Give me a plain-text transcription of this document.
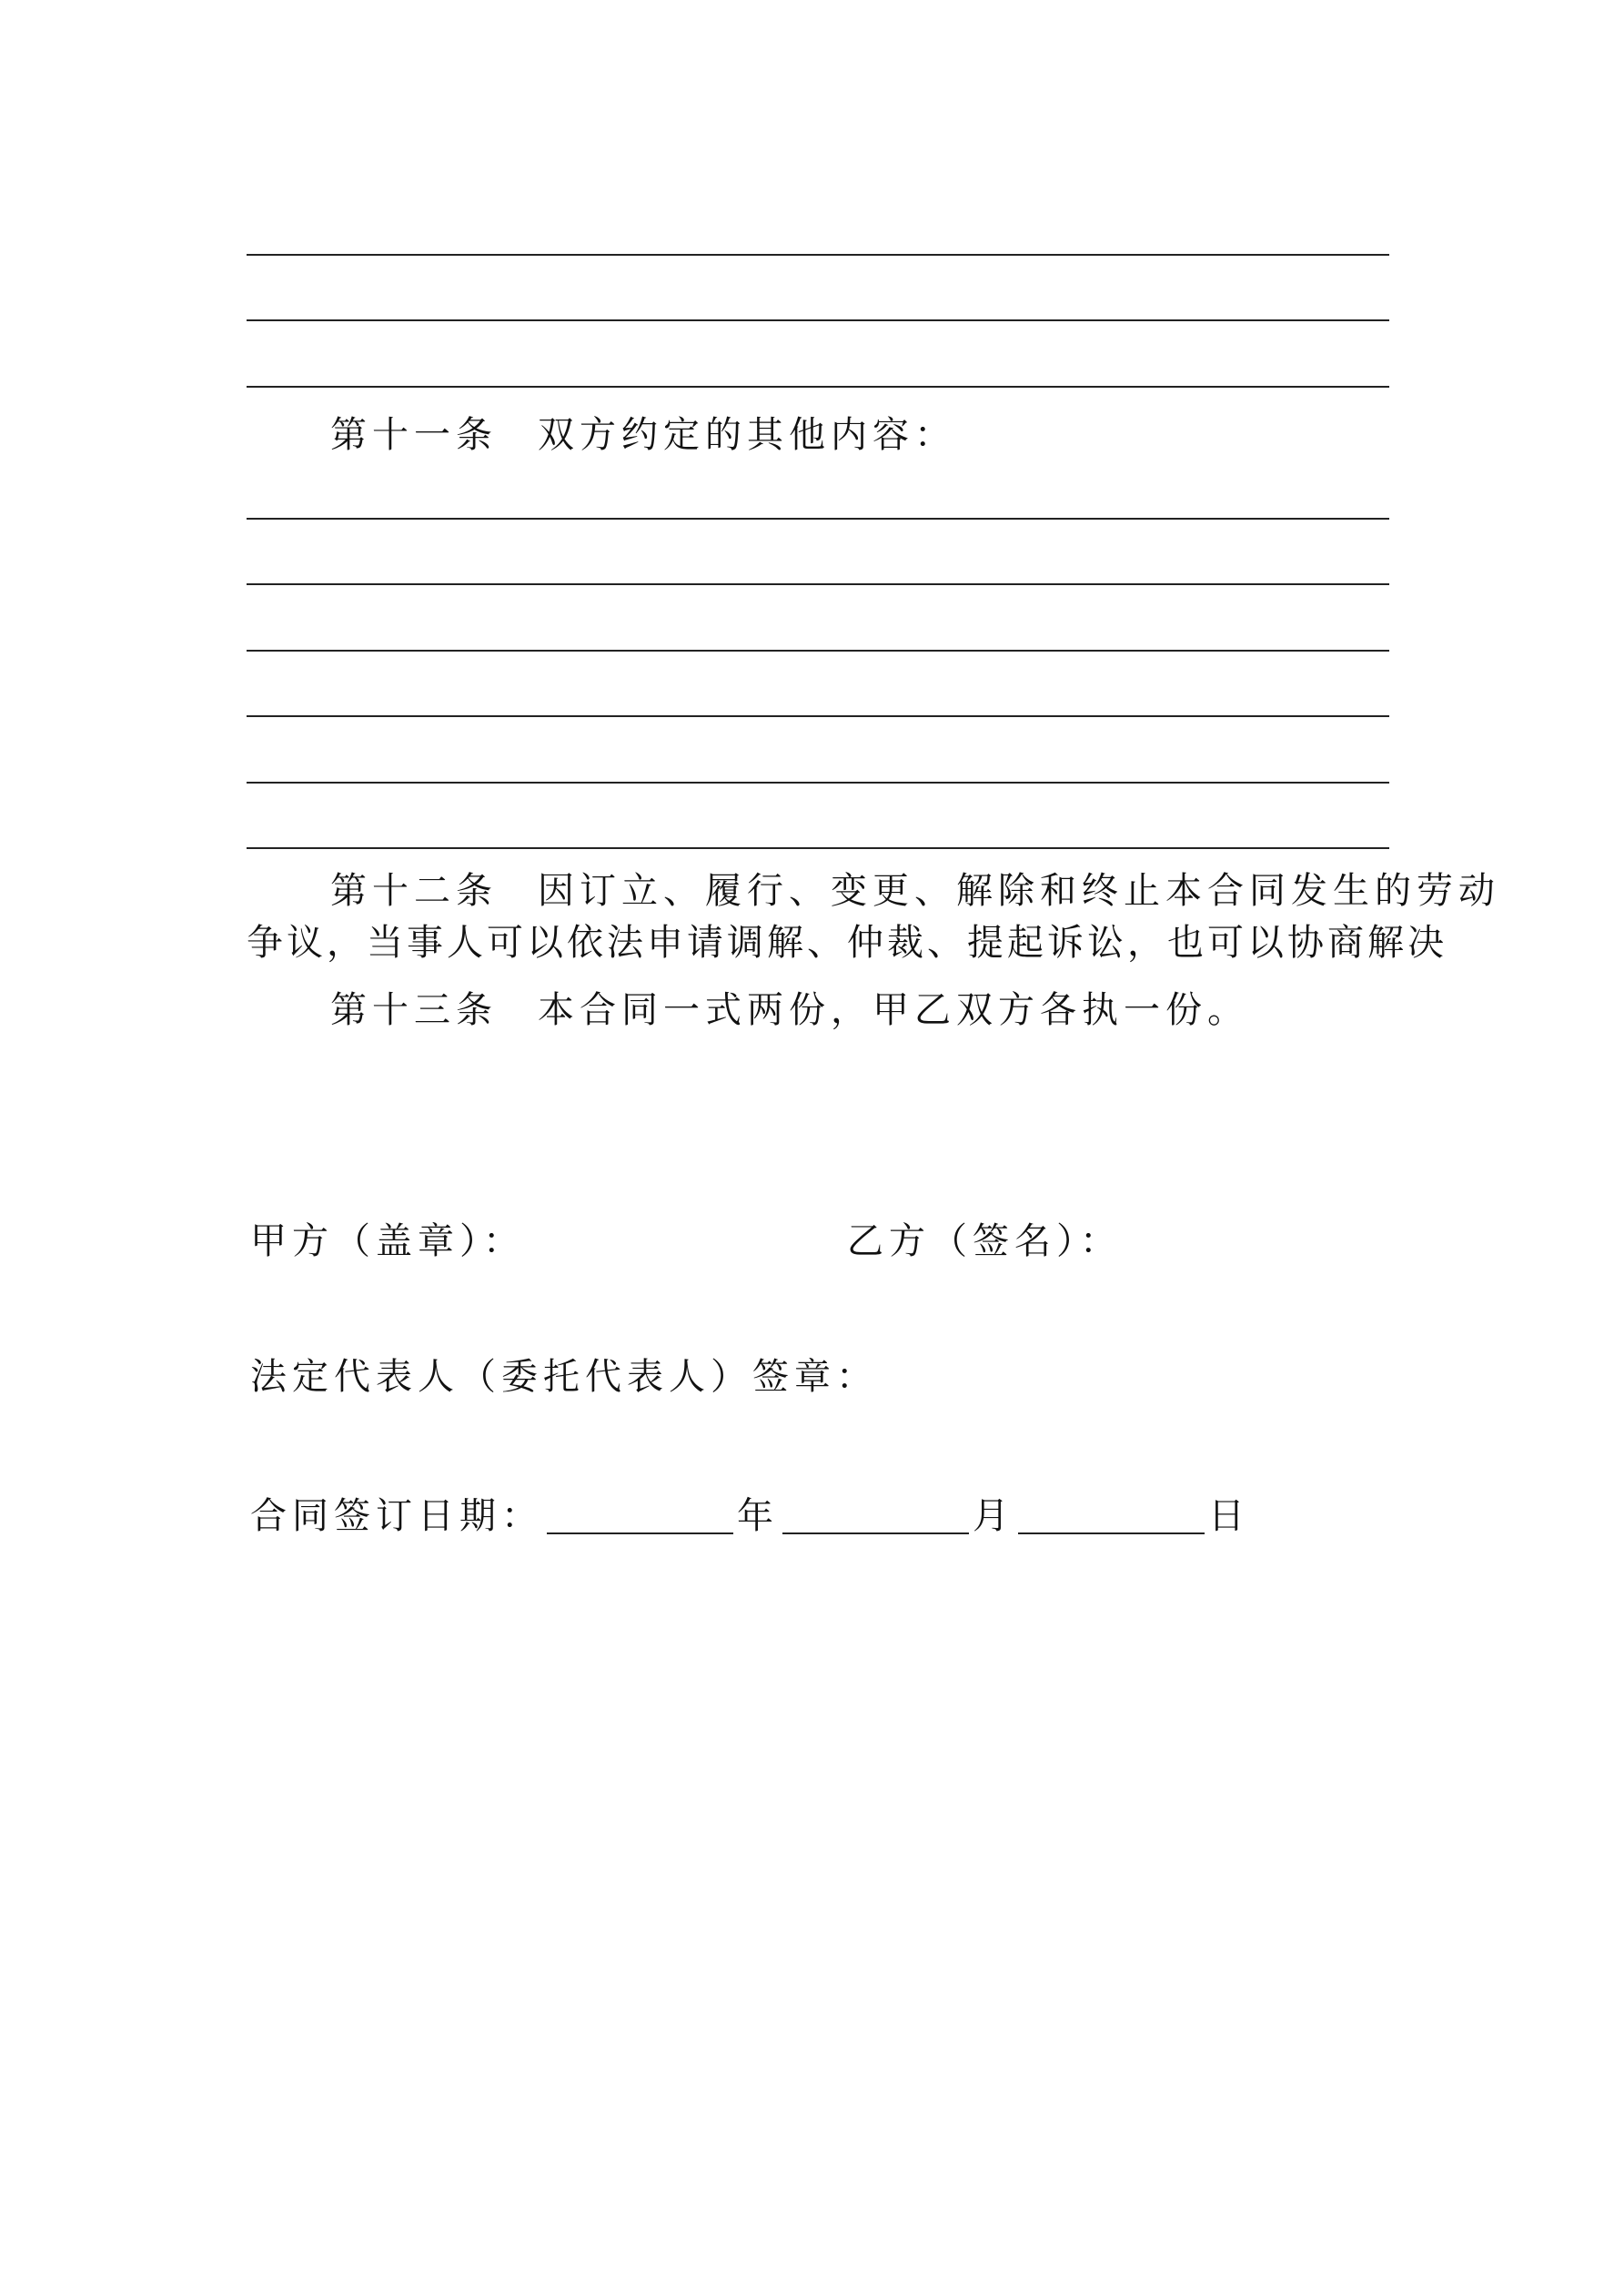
第十一条 双方约定的其他内容：
第十二条 因订立、履行、变更、解除和终止本合同发生的劳动
争议，当事人可以依法申请调解、仲裁、提起诉讼，也可以协商解决
第十三条 本合同一式两份，甲乙双方各执一份。
甲方（盖章）：	乙方（签名）：
法定代表人（委托代表人）签章：
合同签订日期：	年	月	日
